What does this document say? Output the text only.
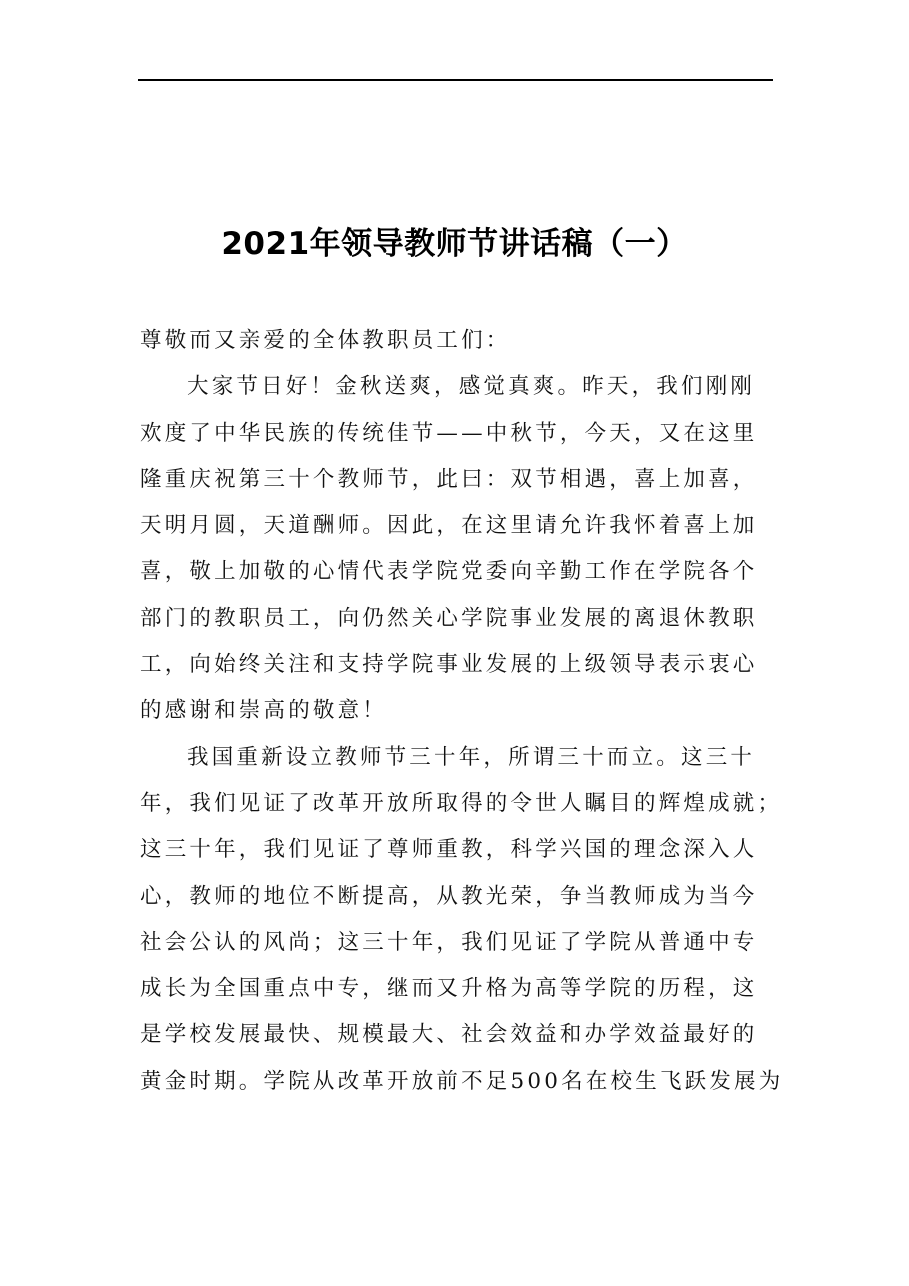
2021年领导教师节讲话稿（一）
尊敬而又亲爱的全体教职员工们：
大家节日好！金秋送爽，感觉真爽。昨天，我们刚刚
欢度了中华民族的传统佳节——中秋节，今天，又在这里
隆重庆祝第三十个教师节，此曰：双节相遇，喜上加喜，
天明月圆，天道酬师。因此，在这里请允许我怀着喜上加
喜，敬上加敬的心情代表学院党委向辛勤工作在学院各个
部门的教职员工，向仍然关心学院事业发展的离退休教职
工，向始终关注和支持学院事业发展的上级领导表示衷心
的感谢和崇高的敬意！
我国重新设立教师节三十年，所谓三十而立。这三十
年，我们见证了改革开放所取得的令世人瞩目的辉煌成就；
这三十年，我们见证了尊师重教，科学兴国的理念深入人
心，教师的地位不断提高，从教光荣，争当教师成为当今
社会公认的风尚；这三十年，我们见证了学院从普通中专
成长为全国重点中专，继而又升格为高等学院的历程，这
是学校发展最快、规模最大、社会效益和办学效益最好的
黄金时期。学院从改革开放前不足500名在校生飞跃发展为
